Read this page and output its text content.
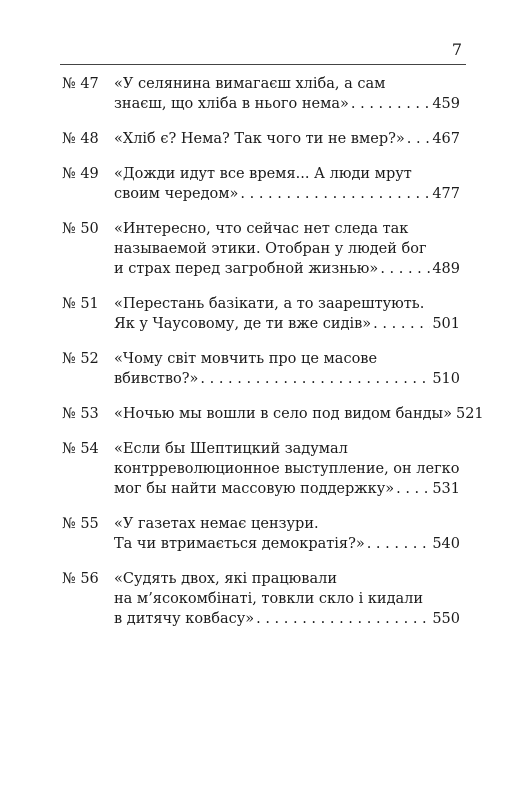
7
№ 47	«У селянина вимагаєш хліба, а сам
знаєш, що хліба в нього нема» . . .	459
№ 48	«Хліб є? Нема? Так чого ти не вмер?» . . . 467
№ 49	«Дожди идут все время... А люди мрут
своим чередом» . . .	477
№ 50	«Интересно, что сейчас нет следа так
называемой этики. Отобран у людей бог
и страх перед загробной жизнью» . . .	489
№ 51	«Перестань базікати, а то заарештують.
Як у Чаусовому, де ти вже сидів» . . .	501
№ 52	«Чому світ мовчить про це масове
вбивство?» . . .	510
№ 53	«Ночью мы вошли в село под видом банды» 521
№ 54	«Если бы Шептицкий задумал
контрреволюционное выступление, он легко
мог бы найти массовую поддержку» . . .	531
№ 55	«У газетах немає цензури.
Та чи втримається демократія?» . . .	540
№ 56	«Судять двох, які працювали
на м’ясокомбінаті, товкли скло і кидали
в дитячу ковбасу» . . .	550
